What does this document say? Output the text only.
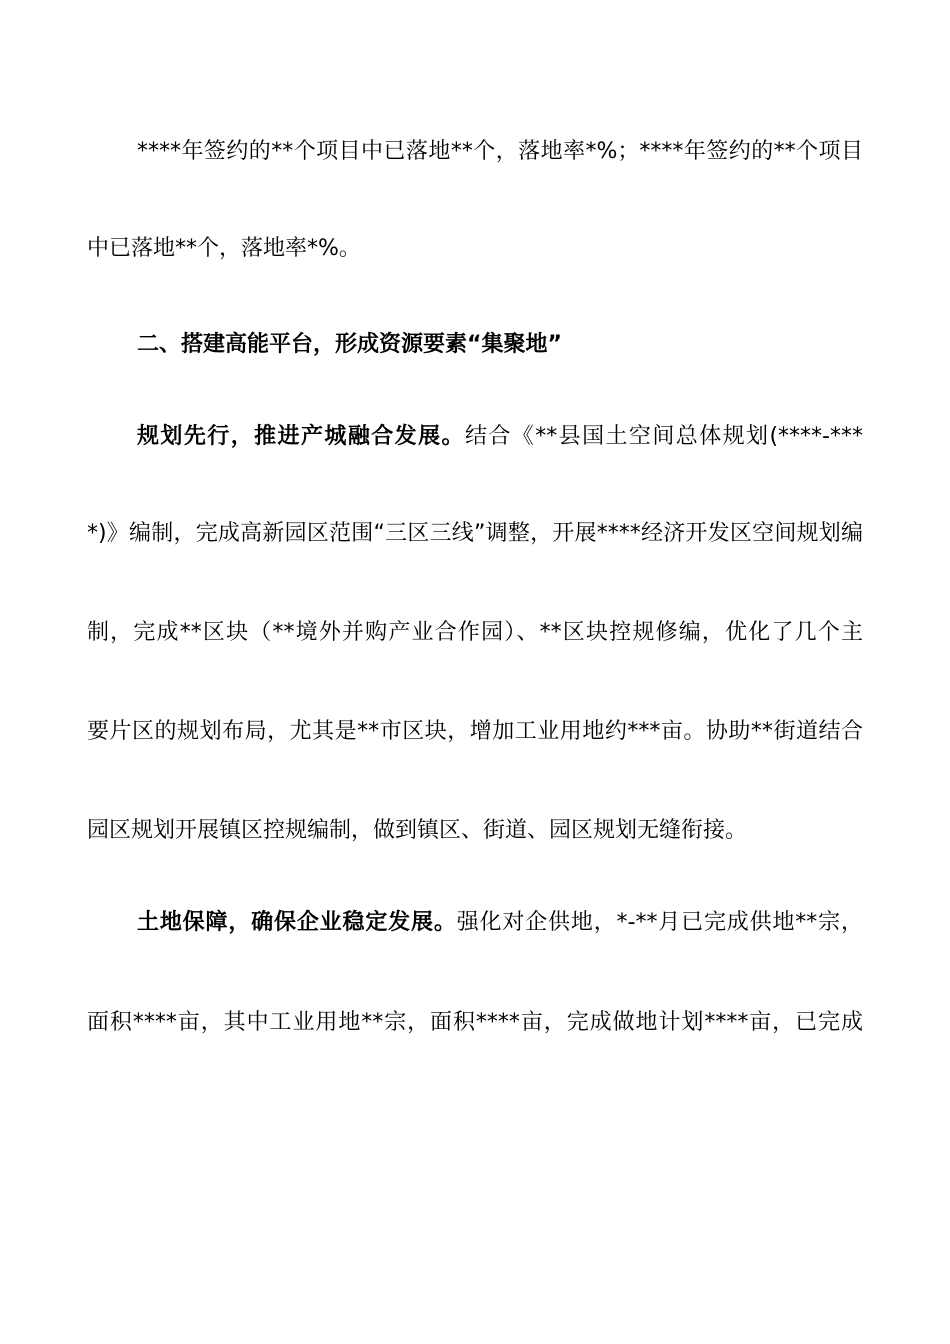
****年签约的**个项目中已落地**个，落地率*%；****年签约的**个项目
中已落地**个，落地率*%。
二、搭建高能平台，形成资源要素“集聚地”
规划先行，推进产城融合发展。结合《**县国土空间总体规划(****-***
*)》编制，完成高新园区范围“三区三线”调整，开展****经济开发区空间规划编
制，完成**区块（**境外并购产业合作园）、**区块控规修编，优化了几个主
要片区的规划布局，尤其是**市区块，增加工业用地约***亩。协助**街道结合
园区规划开展镇区控规编制，做到镇区、街道、园区规划无缝衔接。
土地保障，确保企业稳定发展。强化对企供地，*-**月已完成供地**宗，
面积****亩，其中工业用地**宗，面积****亩，完成做地计划****亩，已完成
